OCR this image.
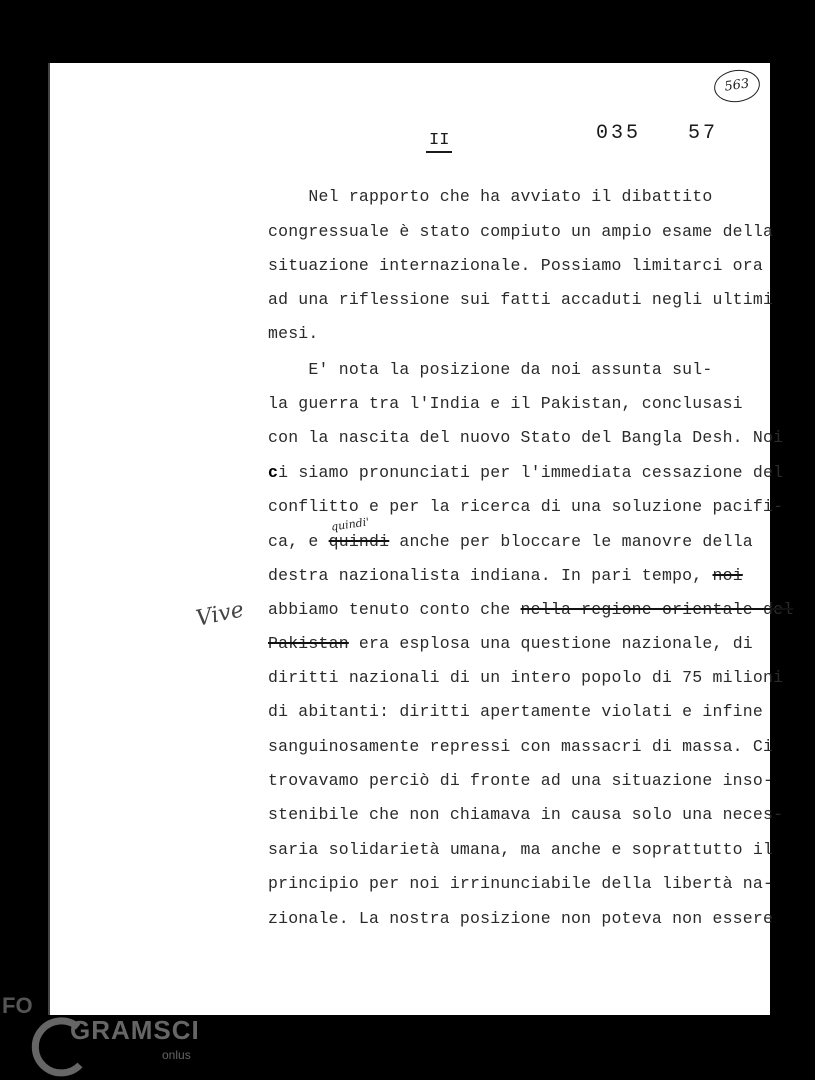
563
II	035 57
Nel rapporto che ha avviato il dibattito
congressuale è stato compiuto un ampio esame della
situazione internazionale. Possiamo limitarci ora
ad una riflessione sui fatti accaduti negli ultimi
mesi.
E' nota la posizione da noi assunta sul-
la guerra tra l'India e il Pakistan, conclusasi
con la nascita del nuovo Stato del Bangla Desh. Noi
ci siamo pronunciati per l'immediata cessazione del
conflitto e per la ricerca di una soluzione pacifi-
ca, e quindi anche per bloccare le manovre della
destra nazionalista indiana. In pari tempo, noi
abbiamo tenuto conto che nella regione orientale del
Pakistan era esplosa una questione nazionale, di
diritti nazionali di un intero popolo di 75 milioni
di abitanti: diritti apertamente violati e infine
sanguinosamente repressi con massacri di massa. Ci
trovavamo perciò di fronte ad una situazione inso-
stenibile che non chiamava in causa solo una neces-
saria solidarietà umana, ma anche e soprattutto il
principio per noi irrinunciabile della libertà na-
zionale. La nostra posizione non poteva non essere
quindi'
Vive
FO
GRAMSCI
onlus
